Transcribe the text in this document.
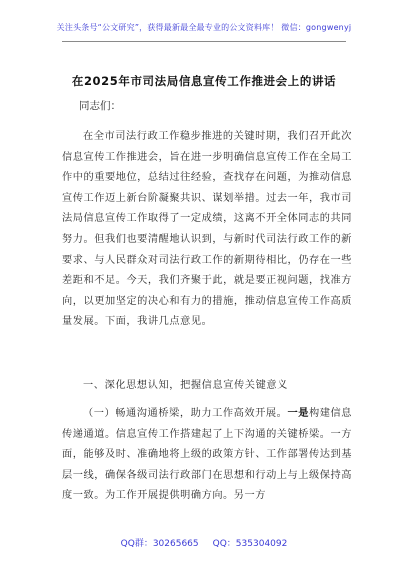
关注头条号“公文研究”，获得最新最全最专业的公文资料库！ 微信：gongwenyj
在2025年市司法局信息宣传工作推进会上的讲话
同志们：

在全市司法行政工作稳步推进的关键时期，我们召开此次信息宣传工作推进会，旨在进一步明确信息宣传工作在全局工作中的重要地位，总结过往经验，查找存在问题，为推动信息宣传工作迈上新台阶凝聚共识、谋划举措。过去一年，我市司法局信息宣传工作取得了一定成绩，这离不开全体同志的共同努力。但我们也要清醒地认识到，与新时代司法行政工作的新要求、与人民群众对司法行政工作的新期待相比，仍存在一些差距和不足。今天，我们齐聚于此，就是要正视问题，找准方向，以更加坚定的决心和有力的措施，推动信息宣传工作高质量发展。下面，我讲几点意见。

一、深化思想认知，把握信息宣传关键意义

（一）畅通沟通桥梁，助力工作高效开展。一是构建信息传递通道。信息宣传工作搭建起了上下沟通的关键桥梁。一方面，能够及时、准确地将上级的政策方针、工作部署传达到基层一线，确保各级司法行政部门在思想和行动上与上级保持高度一致。为工作开展提供明确方向。另一方

QQ群：30265665 QQ：535304092
